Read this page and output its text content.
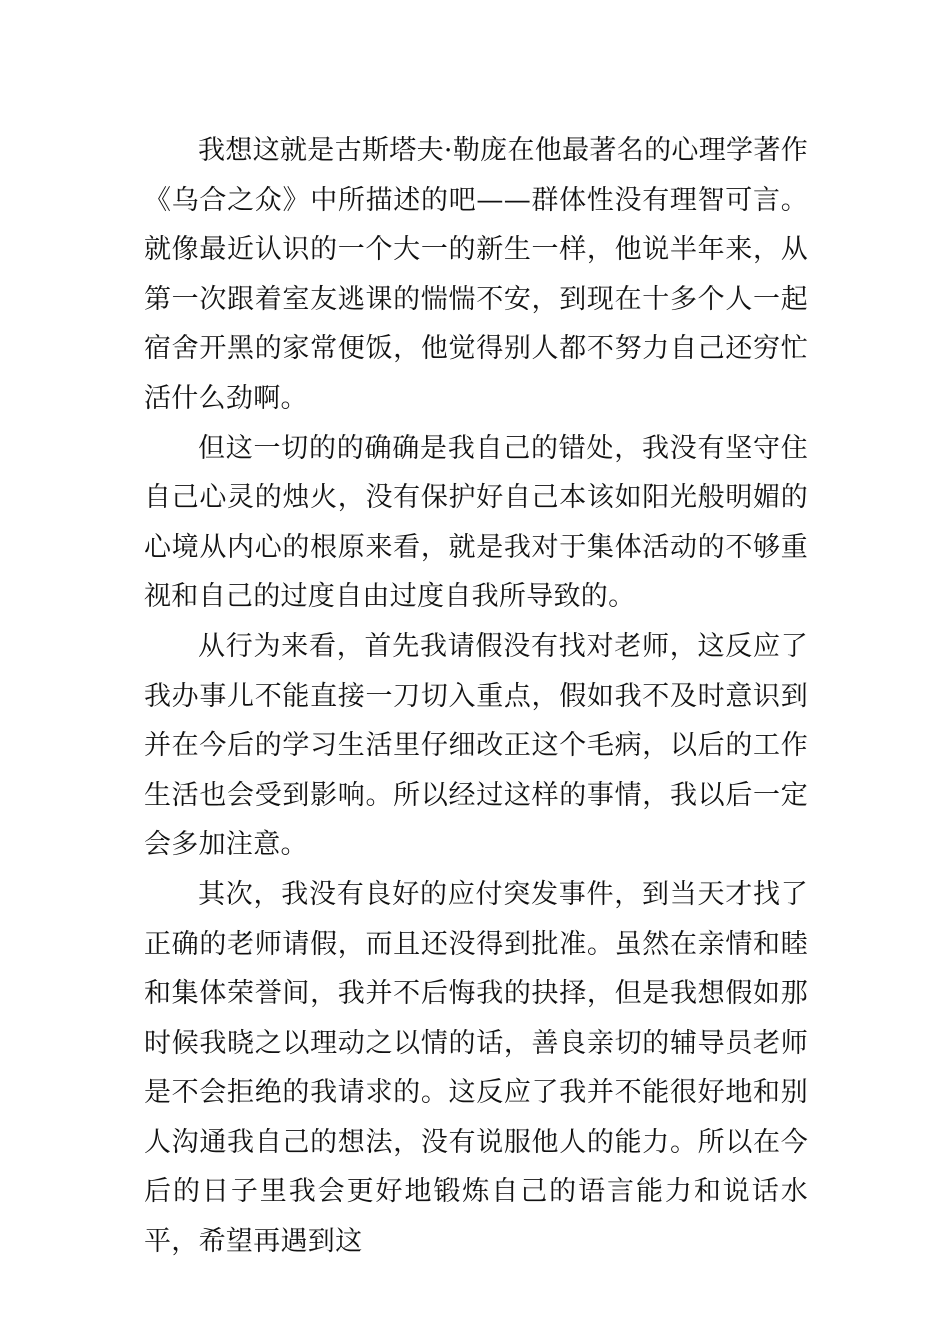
我想这就是古斯塔夫·勒庞在他最著名的心理学著作《乌合之众》中所描述的吧——群体性没有理智可言。就像最近认识的一个大一的新生一样，他说半年来，从第一次跟着室友逃课的惴惴不安，到现在十多个人一起宿舍开黑的家常便饭，他觉得别人都不努力自己还穷忙活什么劲啊。

但这一切的的确确是我自己的错处，我没有坚守住自己心灵的烛火，没有保护好自己本该如阳光般明媚的心境从内心的根原来看，就是我对于集体活动的不够重视和自己的过度自由过度自我所导致的。

从行为来看，首先我请假没有找对老师，这反应了我办事儿不能直接一刀切入重点，假如我不及时意识到并在今后的学习生活里仔细改正这个毛病，以后的工作生活也会受到影响。所以经过这样的事情，我以后一定会多加注意。

其次，我没有良好的应付突发事件，到当天才找了正确的老师请假，而且还没得到批准。虽然在亲情和睦和集体荣誉间，我并不后悔我的抉择，但是我想假如那时候我晓之以理动之以情的话，善良亲切的辅导员老师是不会拒绝的我请求的。这反应了我并不能很好地和别人沟通我自己的想法，没有说服他人的能力。所以在今后的日子里我会更好地锻炼自己的语言能力和说话水平，希望再遇到这
